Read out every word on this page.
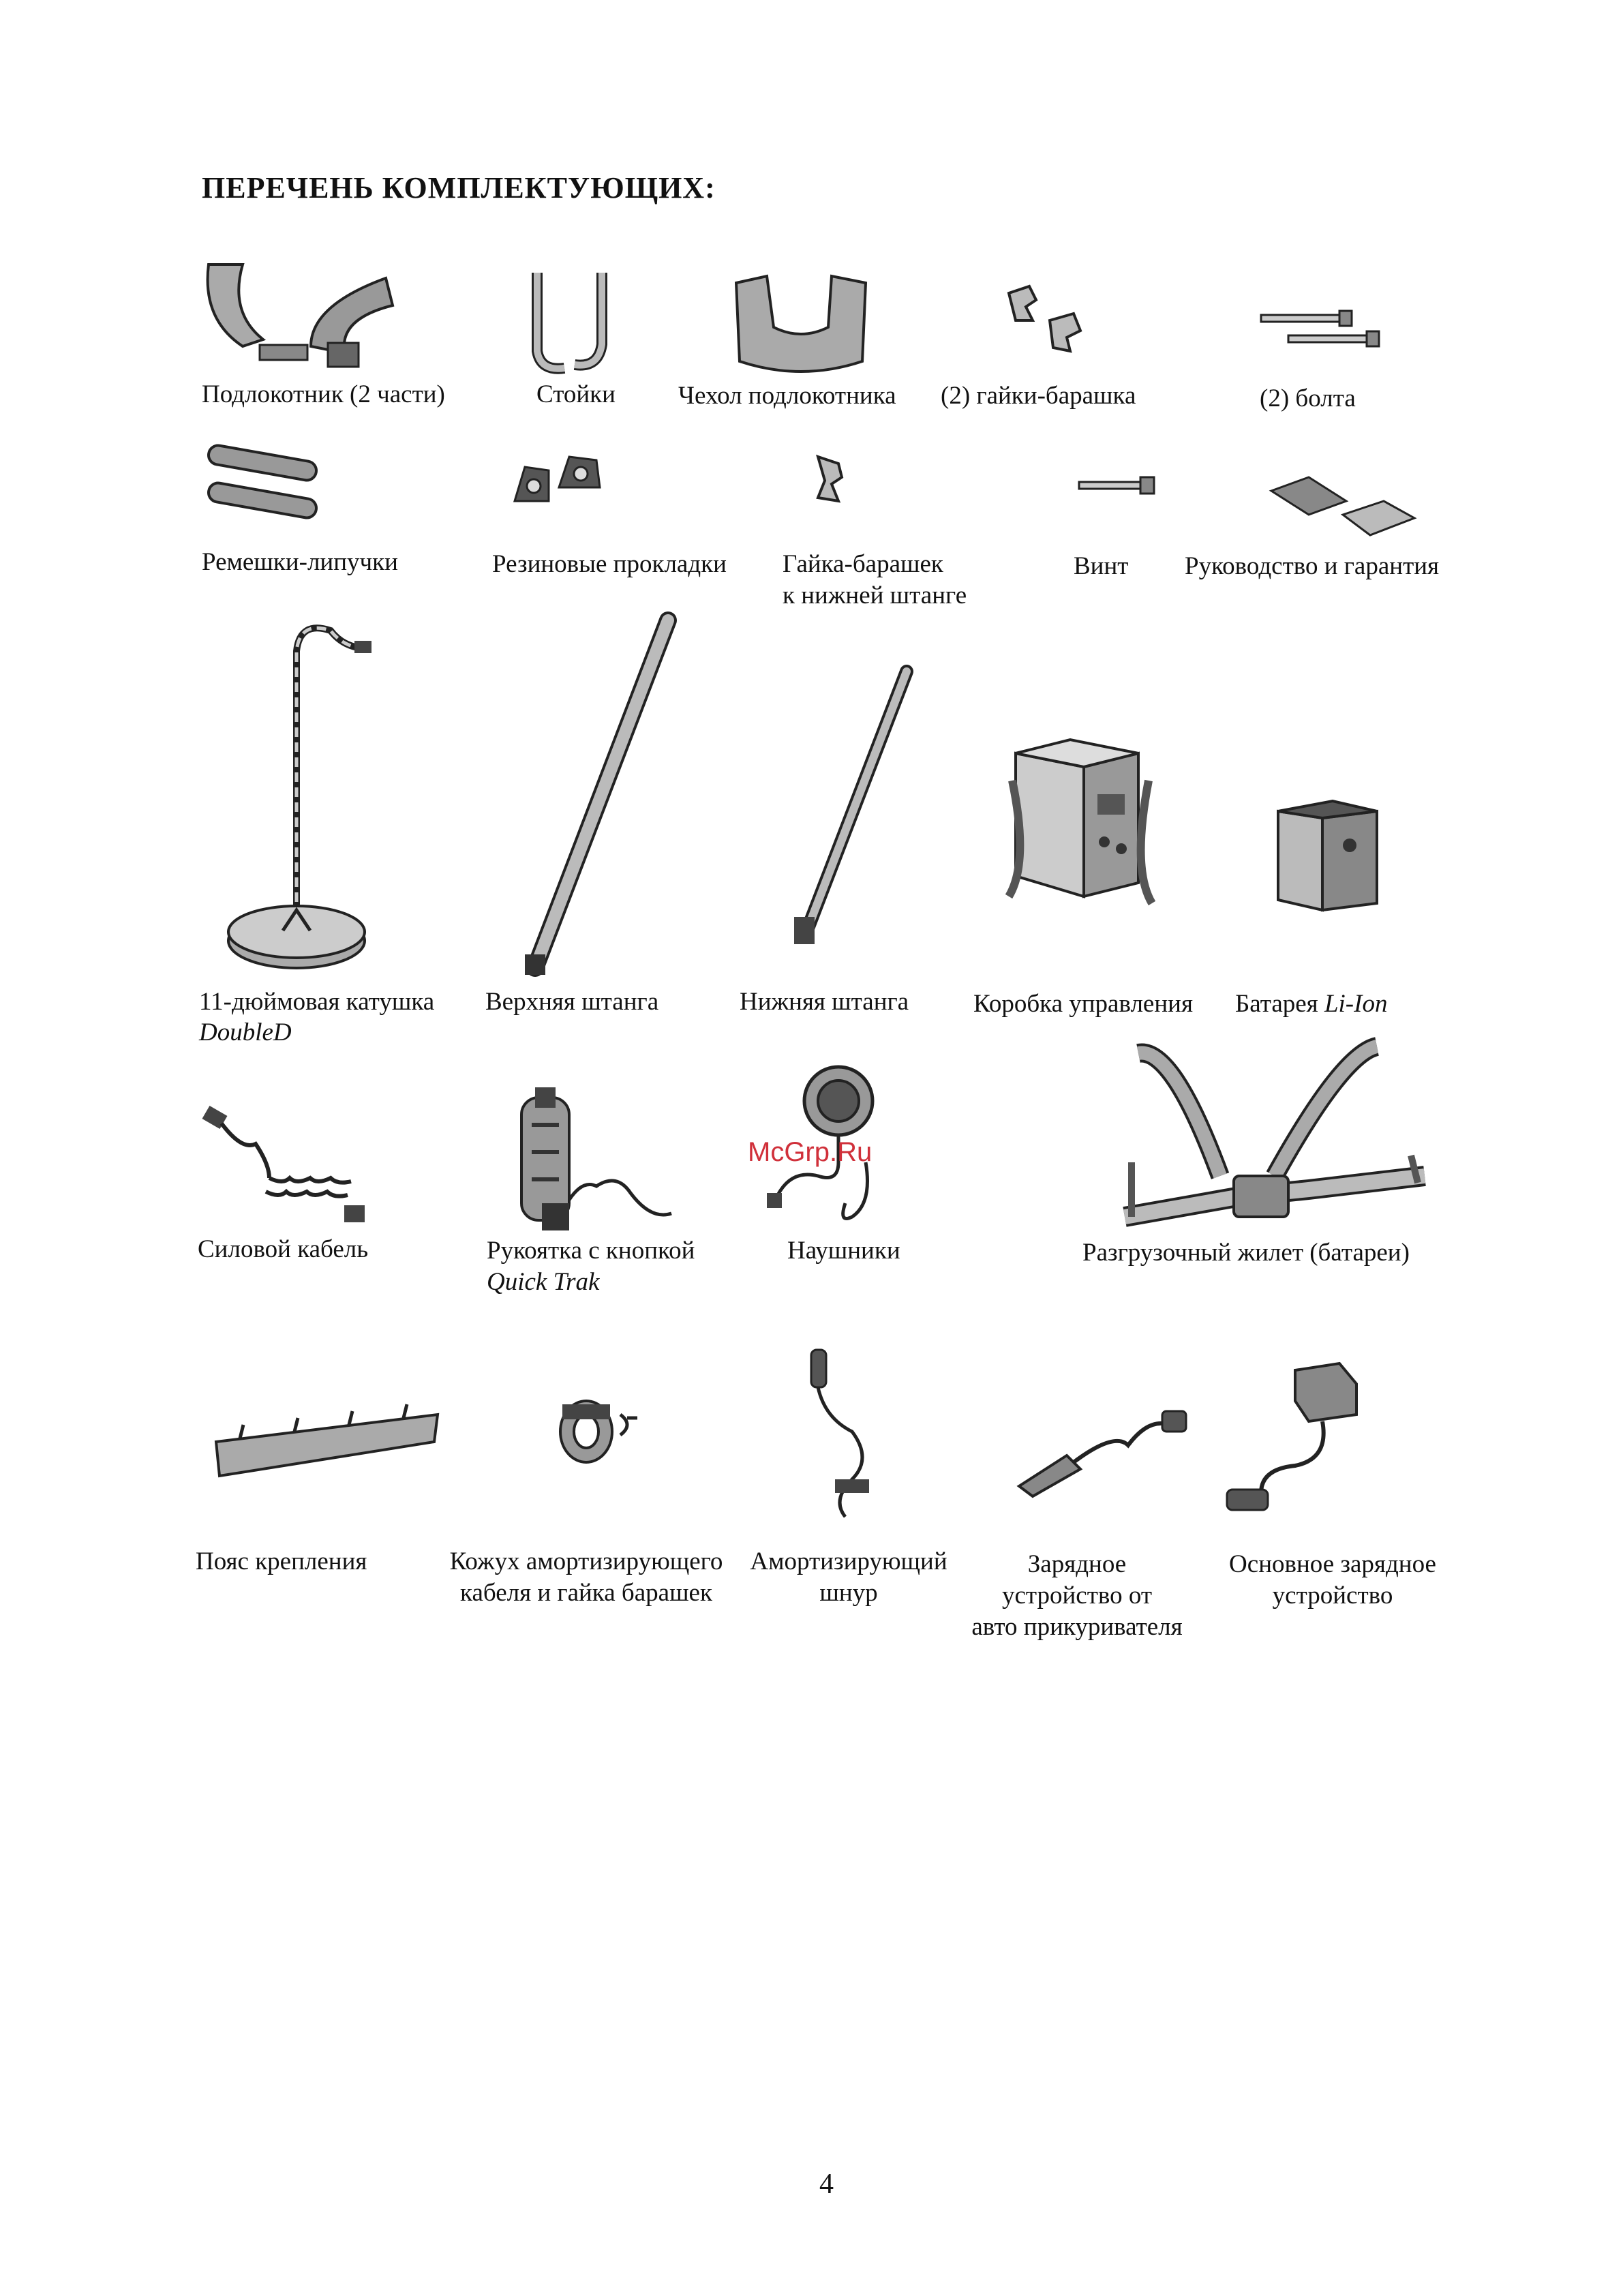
ПЕРЕЧЕНЬ КОМПЛЕКТУЮЩИХ:
Подлокотник (2 части)	Стойки Чехол подлокотника (2) гайки-барашка	(2) болта
Ремешки-липучки	Резиновые прокладки Гайка-барашек
к нижней штанге
Винт Руководство и гарантия
11-дюймовая катушка
DoubleD
Верхняя штанга	Нижняя штанга	Коробка управления Батарея Li-Ion
Силовой кабель	Рукоятка с кнопкой
Quick Trak
Наушники	Разгрузочный жилет (батареи)
Пояс крепления	Кожух амортизирующего
кабеля и гайка барашек
Амортизирующий
шнур
Зарядное
устройство от
авто прикуривателя
Основное зарядное
устройство
McGrp.Ru
4
